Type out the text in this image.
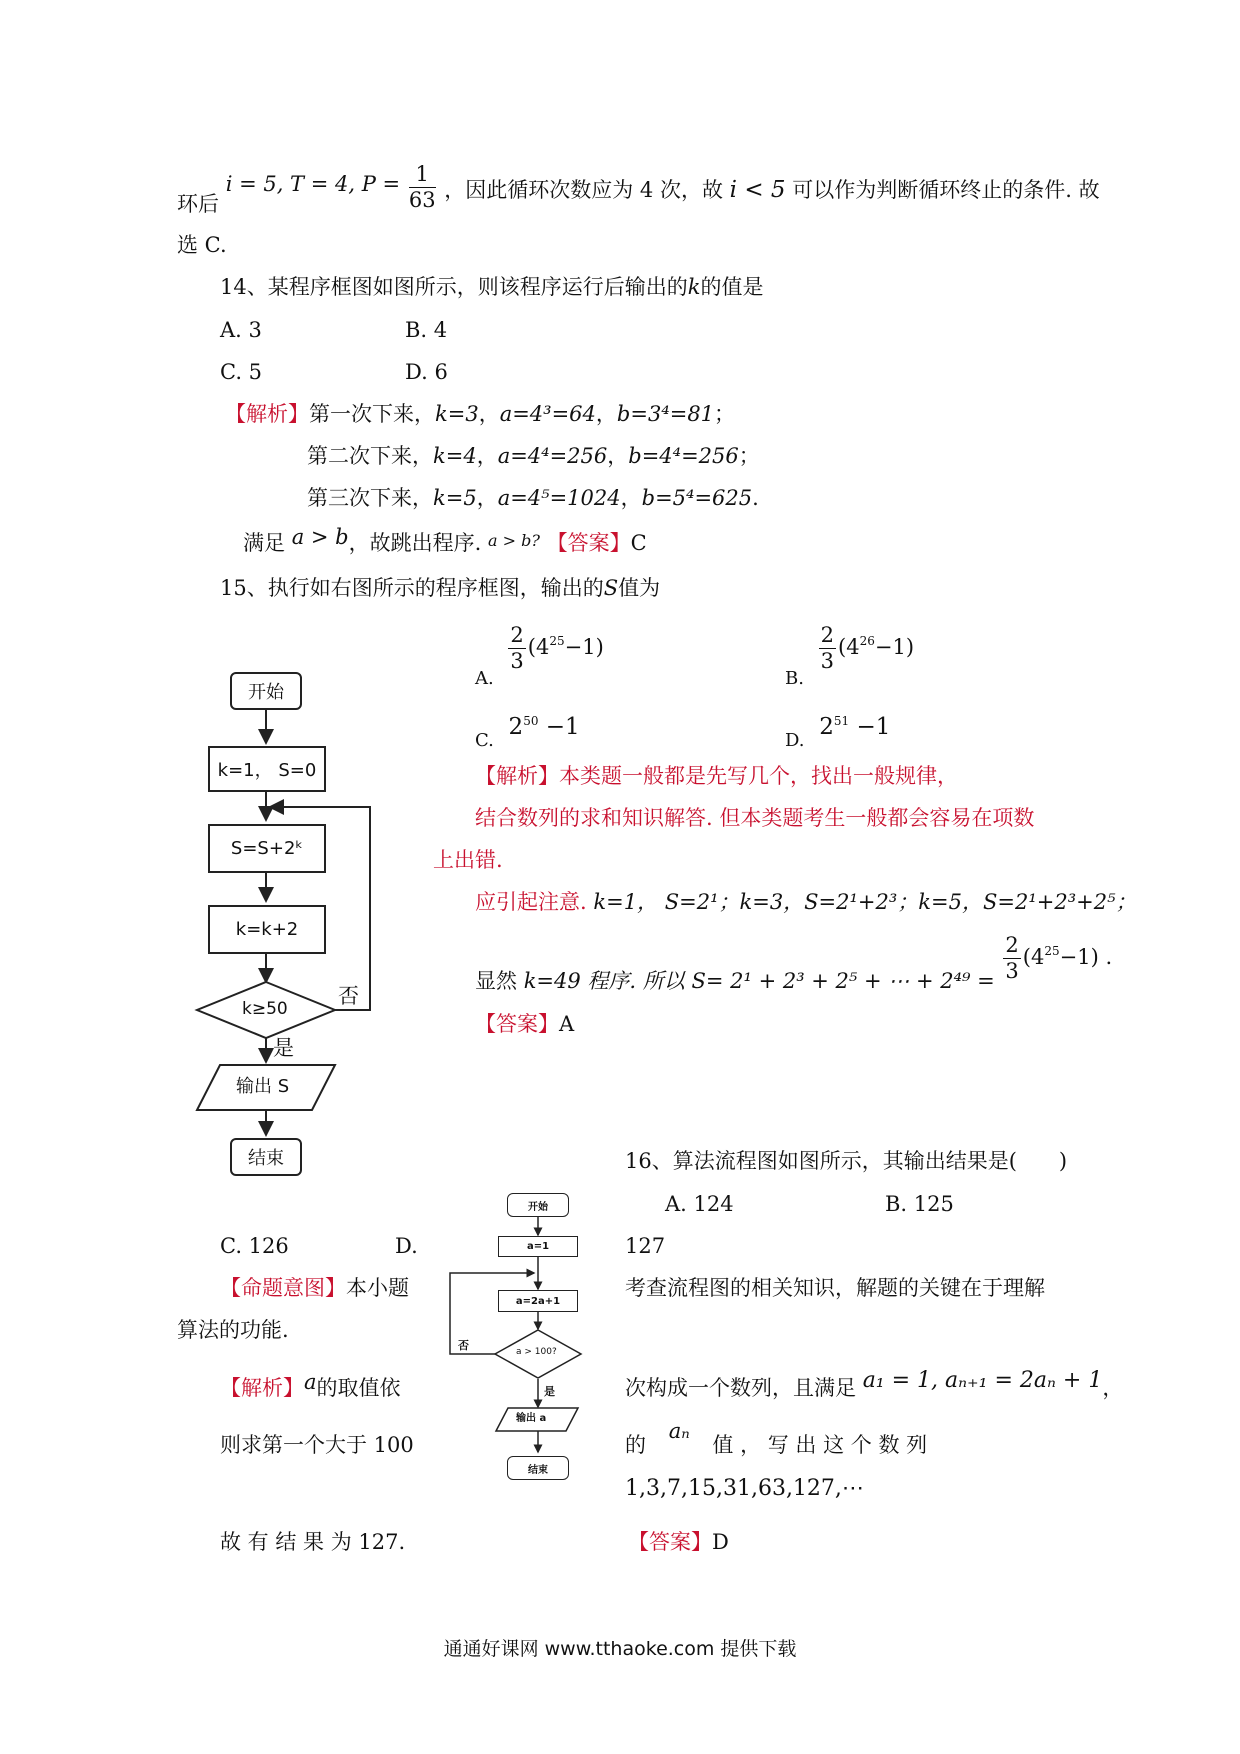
环后 i = 5, T = 4, $P = \frac{1}{63}$ ，因此循环次数应为 4 次，故 i < 5 可以作为判断循环终止的条件. 故
选 C.
14、某程序框图如图所示，则该程序运行后输出的k的值是
A. 3	B. 4
C. 5	D. 6
【解析】第一次下来，k=3，a=4³=64，b=3⁴=81；
第二次下来，k=4，a=4⁴=256，b=4⁴=256；
第三次下来，k=5，a=4⁵=1024，b=5⁴=625.
满足 a > b，故跳出程序. a > b? 【答案】C
15、执行如右图所示的程序框图，输出的S值为
A.
$\frac{2}{3} (4^{25}-1)$
B.
$\frac{2}{3} (4^{26}-1)$
C. $2^{50} -1$
D. $2^{51} -1$
【解析】本类题一般都是先写几个，找出一般规律，
结合数列的求和知识解答. 但本类题考生一般都会容易在项数
上出错.
应引起注意. k=1， S=2¹；k=3，S=2¹+2³；k=5，S=2¹+2³+2⁵；
显然 k=49 程序. 所以 S= 2¹ + 2³ + 2⁵ + ⋯ + $2^{49} = \frac{2}{3} (4^{25}-1)$ .
【答案】A
开始
k=1， S=0
S=S+2ᵏ
k=k+2
k≥50
否
是
输出 S
结束	16、算法流程图如图所示，其输出结果是(　　)
A. 124	B. 125
C. 126	D.	127
【命题意图】本小题	考查流程图的相关知识，解题的关键在于理解
算法的功能.
【解析】a的取值依	次构成一个数列，且满足 a₁ = 1, aₙ₊₁ = 2aₙ + 1，
则求第一个大于 100	的 aₙ 值 ， 写 出 这 个 数 列
1,3,7,15,31,63,127,⋯
故 有 结 果 为 127.	【答案】D
开始
a=1
a=2a+1
a > 100?
否
是
输出 a
结束
通通好课网 www.tthaoke.com 提供下载
